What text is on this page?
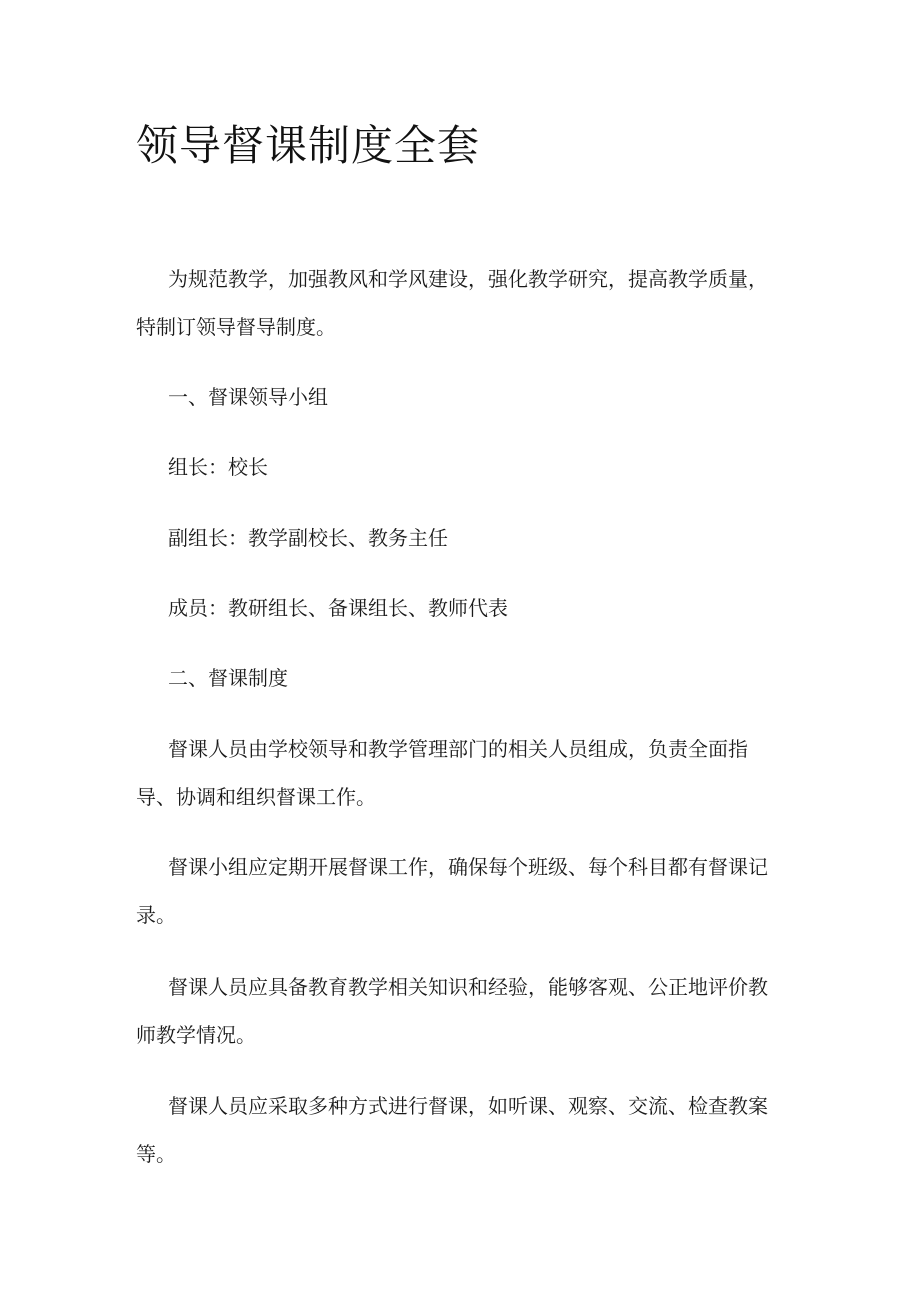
领导督课制度全套

为规范教学，加强教风和学风建设，强化教学研究，提高教学质量，
特制订领导督导制度。

一、督课领导小组

组长：校长

副组长：教学副校长、教务主任

成员：教研组长、备课组长、教师代表

二、督课制度

督课人员由学校领导和教学管理部门的相关人员组成，负责全面指
导、协调和组织督课工作。

督课小组应定期开展督课工作，确保每个班级、每个科目都有督课记
录。

督课人员应具备教育教学相关知识和经验，能够客观、公正地评价教
师教学情况。

督课人员应采取多种方式进行督课，如听课、观察、交流、检查教案
等。
